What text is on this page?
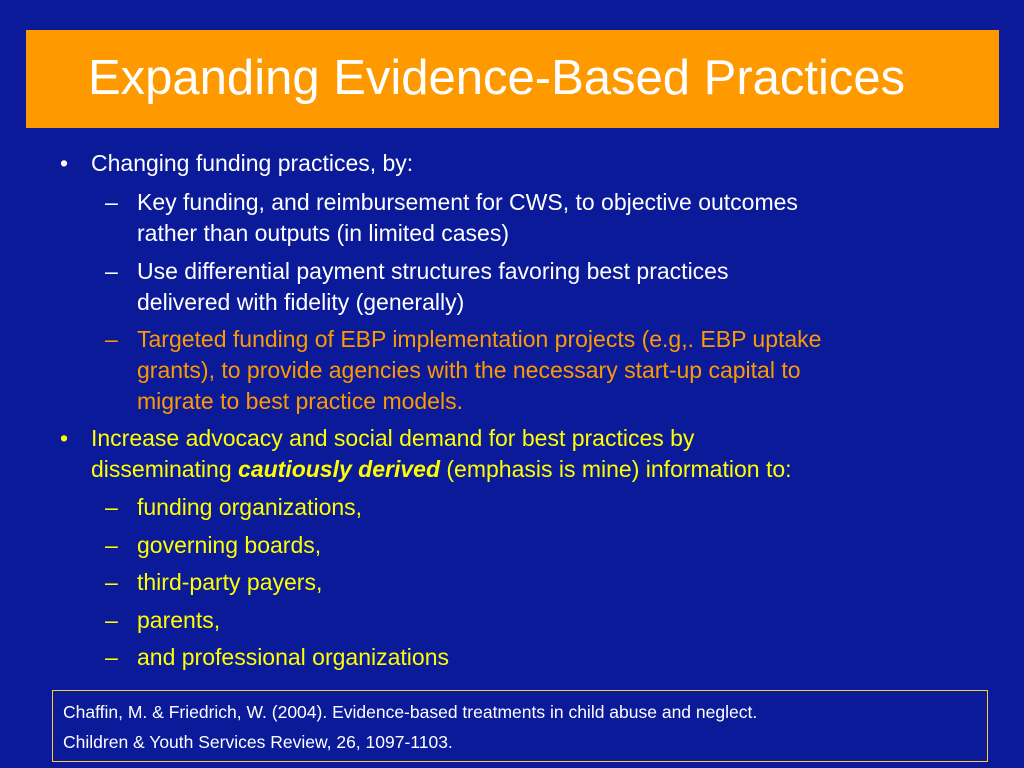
Expanding Evidence-Based Practices
• Changing funding practices, by:

– Key funding, and reimbursement for CWS, to objective outcomes

rather than outputs (in limited cases)

– Use differential payment structures favoring best practices

delivered with fidelity (generally)

– Targeted funding of EBP implementation projects (e.g,. EBP uptake

grants), to provide agencies with the necessary start-up capital to

migrate to best practice models.

• Increase advocacy and social demand for best practices by

disseminating cautiously derived (emphasis is mine) information to:

– funding organizations,

– governing boards,

– third-party payers,

– parents,

– and professional organizations

Chaffin, M. & Friedrich, W. (2004). Evidence-based treatments in child abuse and neglect.
Children & Youth Services Review, 26, 1097-1103.
